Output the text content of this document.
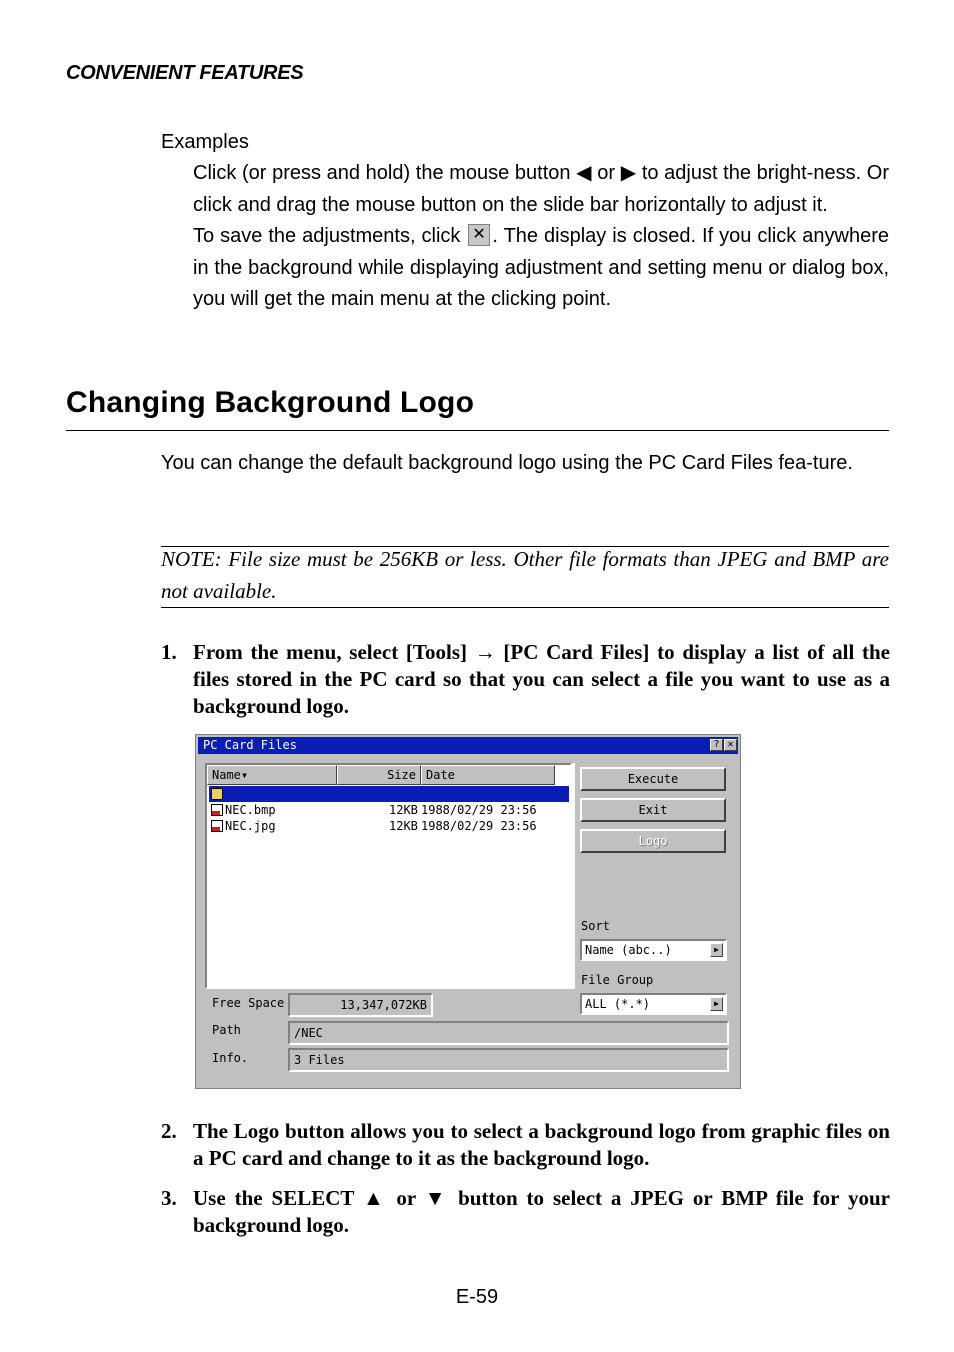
CONVENIENT FEATURES
Examples

Click (or press and hold) the mouse button ◀ or ▶ to adjust the bright-ness. Or click and drag the mouse button on the slide bar horizontally to adjust it.

To save the adjustments, click ✕. The display is closed. If you click anywhere in the background while displaying adjustment and setting menu or dialog box, you will get the main menu at the clicking point.

Changing Background Logo
You can change the default background logo using the PC Card Files fea-ture.
NOTE: File size must be 256KB or less. Other file formats than JPEG and BMP are not available.
1. From the menu, select [Tools] → [PC Card Files] to display a list of all the files stored in the PC card so that you can select a file you want to use as a background logo.
PC Card Files	? ✕
Name▾	Size Date
NEC.bmp	12KB 1988/02/29 23:56
NEC.jpg	12KB 1988/02/29 23:56
Execute
Exit
Logo
Sort
Name (abc..)	▶
File Group
ALL (*.*)	▶
Free Space	13,347,072KB
Path	/NEC
Info.	3 Files
2. The Logo button allows you to select a background logo from graphic files on a PC card and change to it as the background logo.
3. Use the SELECT ▲ or ▼ button to select a JPEG or BMP file for your background logo.
E-59
